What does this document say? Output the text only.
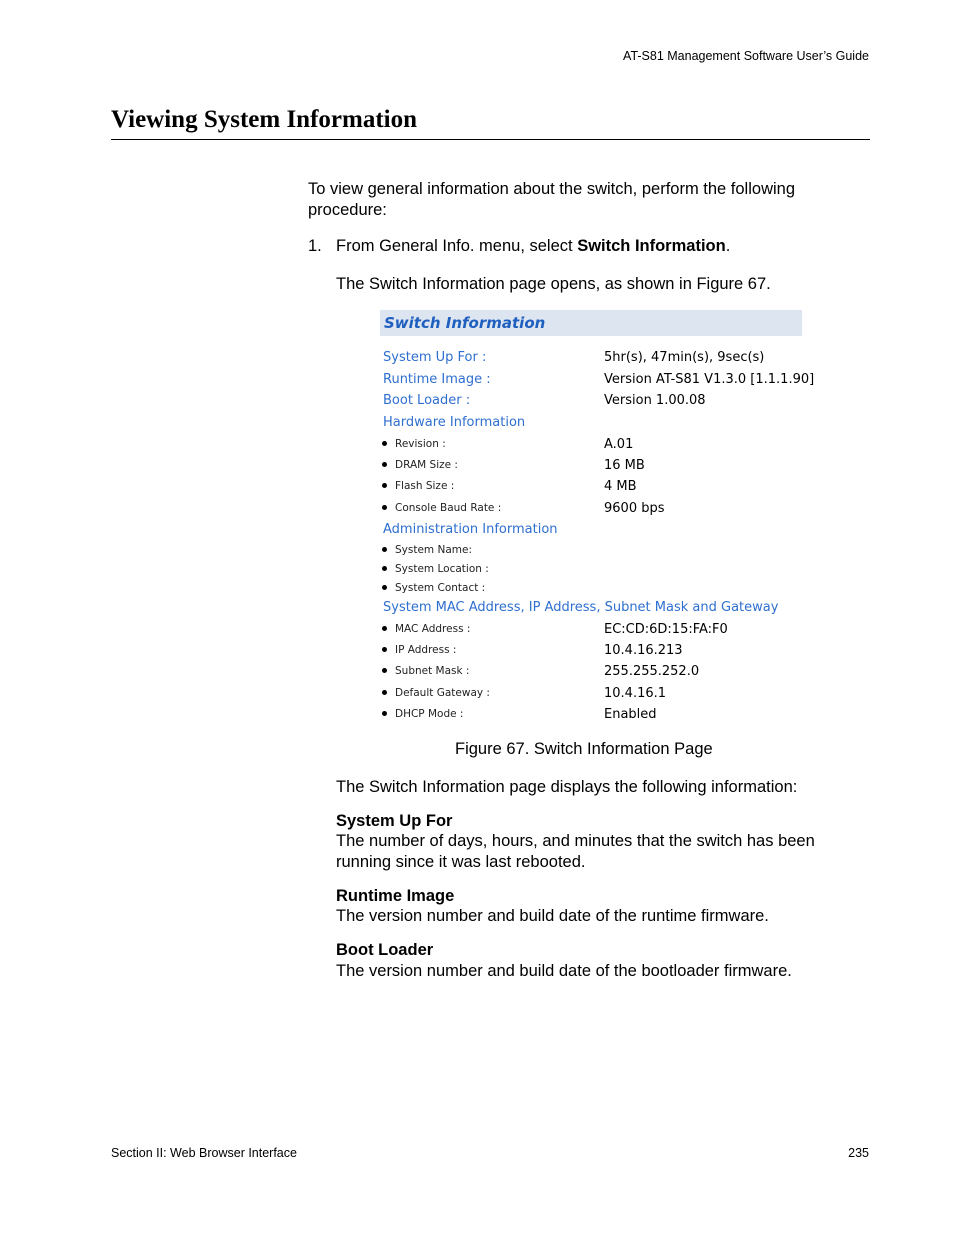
AT-S81 Management Software User’s Guide
Viewing System Information
To view general information about the switch, perform the following procedure:
1. From General Info. menu, select Switch Information.
The Switch Information page opens, as shown in Figure 67.
Switch Information
System Up For :	5hr(s), 47min(s), 9sec(s)
Runtime Image :	Version AT-S81 V1.3.0 [1.1.1.90]
Boot Loader :	Version 1.00.08
Hardware Information
Revision :	A.01
DRAM Size :	16 MB
Flash Size :	4 MB
Console Baud Rate :	9600 bps
Administration Information
System Name:
System Location :
System Contact :
System MAC Address, IP Address, Subnet Mask and Gateway
MAC Address :	EC:CD:6D:15:FA:F0
IP Address :	10.4.16.213
Subnet Mask :	255.255.252.0
Default Gateway :	10.4.16.1
DHCP Mode :	Enabled
Figure 67. Switch Information Page
The Switch Information page displays the following information:
System Up For
The number of days, hours, and minutes that the switch has been running since it was last rebooted.
Runtime Image
The version number and build date of the runtime firmware.
Boot Loader
The version number and build date of the bootloader firmware.
Section II: Web Browser Interface	235
